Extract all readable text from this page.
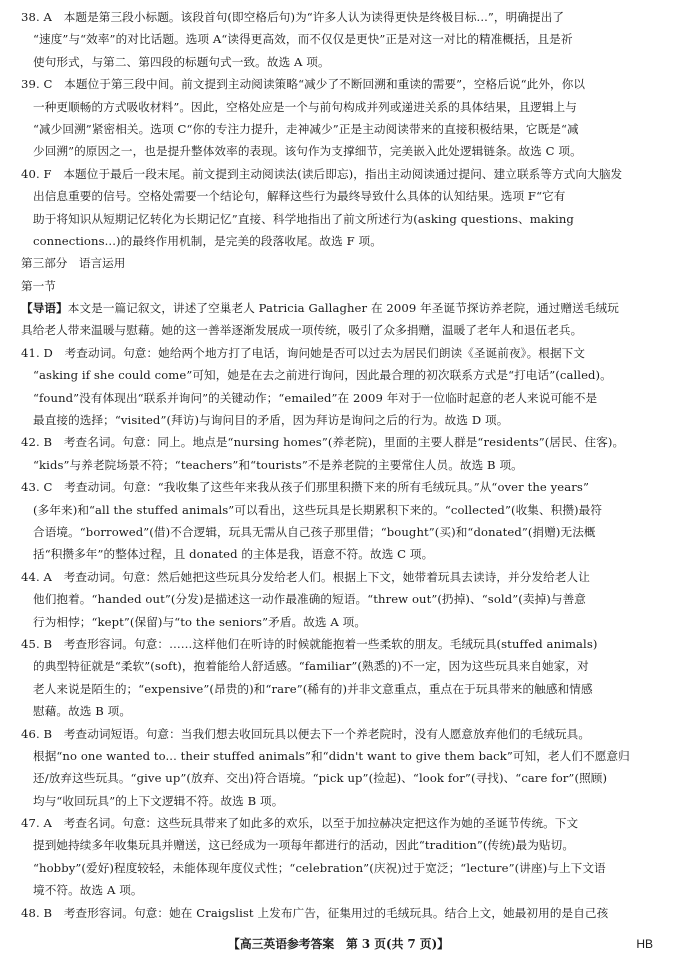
38. A　本题是第三段小标题。该段首句(即空格后句)为“许多人认为读得更快是终极目标...”，明确提出了
“速度”与“效率”的对比话题。选项 A“读得更高效，而不仅仅是更快”正是对这一对比的精准概括，且是祈
使句形式，与第二、第四段的标题句式一致。故选 A 项。
39. C　本题位于第三段中间。前文提到主动阅读策略“减少了不断回溯和重读的需要”，空格后说“此外，你以
一种更顺畅的方式吸收材料”。因此，空格处应是一个与前句构成并列或递进关系的具体结果，且逻辑上与
“减少回溯”紧密相关。选项 C“你的专注力提升，走神减少”正是主动阅读带来的直接积极结果，它既是“减
少回溯”的原因之一，也是提升整体效率的表现。该句作为支撑细节，完美嵌入此处逻辑链条。故选 C 项。
40. F　本题位于最后一段末尾。前文提到主动阅读法(读后即忘)，指出主动阅读通过提问、建立联系等方式向大脑发
出信息重要的信号。空格处需要一个结论句，解释这些行为最终导致什么具体的认知结果。选项 F“它有
助于将知识从短期记忆转化为长期记忆”直接、科学地指出了前文所述行为(asking questions、making
connections...)的最终作用机制，是完美的段落收尾。故选 F 项。
第三部分　语言运用
第一节
【导语】本文是一篇记叙文，讲述了空巢老人 Patricia Gallagher 在 2009 年圣诞节探访养老院，通过赠送毛绒玩
具给老人带来温暖与慰藉。她的这一善举逐渐发展成一项传统，吸引了众多捐赠，温暖了老年人和退伍老兵。
41. D　考查动词。句意：她给两个地方打了电话，询问她是否可以过去为居民们朗读《圣诞前夜》。根据下文
“asking if she could come”可知，她是在去之前进行询问，因此最合理的初次联系方式是“打电话”(called)。
“found”没有体现出“联系并询问”的关键动作；“emailed”在 2009 年对于一位临时起意的老人来说可能不是
最直接的选择；“visited”(拜访)与询问目的矛盾，因为拜访是询问之后的行为。故选 D 项。
42. B　考查名词。句意：同上。地点是“nursing homes”(养老院)，里面的主要人群是“residents”(居民、住客)。
“kids”与养老院场景不符；“teachers”和“tourists”不是养老院的主要常住人员。故选 B 项。
43. C　考查动词。句意：“我收集了这些年来我从孩子们那里积攒下来的所有毛绒玩具。”从“over the years”
(多年来)和“all the stuffed animals”可以看出，这些玩具是长期累积下来的。“collected”(收集、积攒)最符
合语境。“borrowed”(借)不合逻辑，玩具无需从自己孩子那里借；“bought”(买)和“donated”(捐赠)无法概
括“积攒多年”的整体过程，且 donated 的主体是我，语意不符。故选 C 项。
44. A　考查动词。句意：然后她把这些玩具分发给老人们。根据上下文，她带着玩具去读诗，并分发给老人让
他们抱着。“handed out”(分发)是描述这一动作最准确的短语。“threw out”(扔掉)、“sold”(卖掉)与善意
行为相悖；“kept”(保留)与“to the seniors”矛盾。故选 A 项。
45. B　考查形容词。句意：……这样他们在听诗的时候就能抱着一些柔软的朋友。毛绒玩具(stuffed animals)
的典型特征就是“柔软”(soft)，抱着能给人舒适感。“familiar”(熟悉的)不一定，因为这些玩具来自她家，对
老人来说是陌生的；“expensive”(昂贵的)和“rare”(稀有的)并非文意重点，重点在于玩具带来的触感和情感
慰藉。故选 B 项。
46. B　考查动词短语。句意：当我们想去收回玩具以便去下一个养老院时，没有人愿意放弃他们的毛绒玩具。
根据“no one wanted to... their stuffed animals”和“didn't want to give them back”可知，老人们不愿意归
还/放弃这些玩具。“give up”(放弃、交出)符合语境。“pick up”(捡起)、“look for”(寻找)、“care for”(照顾)
均与“收回玩具”的上下文逻辑不符。故选 B 项。
47. A　考查名词。句意：这些玩具带来了如此多的欢乐，以至于加拉赫决定把这作为她的圣诞节传统。下文
提到她持续多年收集玩具并赠送，这已经成为一项每年都进行的活动，因此“tradition”(传统)最为贴切。
“hobby”(爱好)程度较轻，未能体现年度仪式性；“celebration”(庆祝)过于宽泛；“lecture”(讲座)与上下文语
境不符。故选 A 项。
48. B　考查形容词。句意：她在 Craigslist 上发布广告，征集用过的毛绒玩具。结合上文，她最初用的是自己孩
【高三英语参考答案　第 3 页(共 7 页)】	HB
